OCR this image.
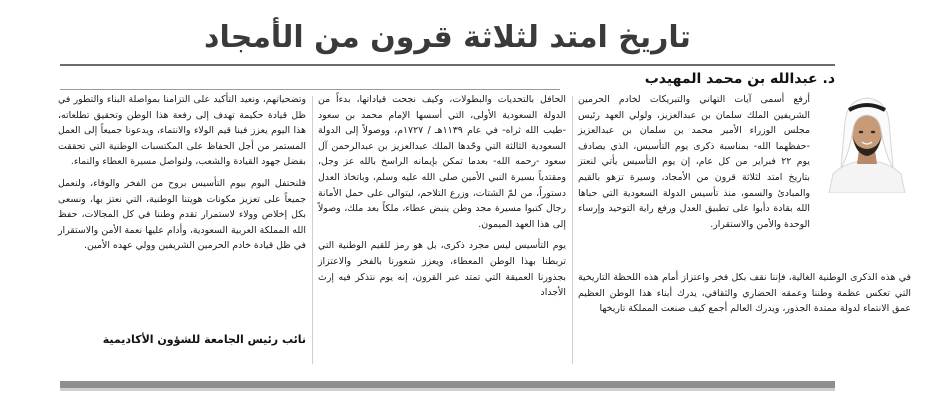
تاريخ امتد لثلاثة قرون من الأمجاد
د. عبدالله بن محمد المهيدب

أرفع أسمى آيات التهاني والتبريكات لخادم الحرمين الشريفين الملك سلمان بن عبدالعزيز، ولولي العهد رئيس مجلس الوزراء الأمير محمد بن سلمان بن عبدالعزيز -حفظهما الله- بمناسبة ذكرى يوم التأسيس، الذي يصادف يوم ٢٢ فبراير من كل عام، إن يوم التأسيس يأتي لنعتز بتاريخ امتد لثلاثة قرون من الأمجاد، وسيرة تزهو بالقيم والمبادئ والسمو، منذ تأسيس الدولة السعودية التي حباها الله بقادة دأبوا على تطبيق العدل ورفع راية التوحيد وإرساء الوحدة والأمن والاستقرار.

في هذه الذكرى الوطنية الغالية، فإننا نقف بكل فخر واعتزاز أمام هذه اللحظة التاريخية التي تعكس عظمة وطننا وعمقه الحضاري والثقافي، يدرك أبناء هذا الوطن العظيم عمق الانتماء لدولة ممتدة الجذور، ويدرك العالم أجمع كيف صنعت المملكة تاريخها

الحافل بالتحديات والبطولات، وكيف نجحت قياداتها، بدءاً من الدولة السعودية الأولى، التي أسسها الإمام محمد بن سعود -طيب الله ثراه- في عام ١١٣٩هـ / ١٧٢٧م، ووصولاً إلى الدولة السعودية الثالثة التي وحّدها الملك عبدالعزيز بن عبدالرحمن آل سعود -رحمه الله- بعدما تمكن بإيمانه الراسخ بالله عز وجل، ومقتدياً بسيرة النبي الأمين صلى الله عليه وسلم، وباتخاذ العدل دستوراً، من لمّ الشتات، وزرع التلاحم، ليتوالى على حمل الأمانة رجال كتبوا مسيرة مجد وطن ينبض عطاء، ملكاً بعد ملك، وصولاً إلى هذا العهد الميمون.

يوم التأسيس ليس مجرد ذكرى، بل هو رمز للقيم الوطنية التي تربطنا بهذا الوطن المعطاء، ويعزز شعورنا بالفخر والاعتزاز بجذورنا العميقة التي تمتد عبر القرون، إنه يوم نتذكر فيه إرث الأجداد

وتضحياتهم، ونعيد التأكيد على التزامنا بمواصلة البناء والتطور في ظل قيادة حكيمة تهدف إلى رفعة هذا الوطن وتحقيق تطلعاته، هذا اليوم يعزز فينا قيم الولاء والانتماء، ويدعونا جميعاً إلى العمل المستمر من أجل الحفاظ على المكتسبات الوطنية التي تحققت بفضل جهود القيادة والشعب، ولنواصل مسيرة العطاء والنماء.

فلنحتفل اليوم بيوم التأسيس بروح من الفخر والوفاء، ولنعمل جميعاً على تعزيز مكونات هويتنا الوطنية، التي نعتز بها، ونسعى بكل إخلاص وولاء لاستمرار تقدم وطننا في كل المجالات، حفظ الله المملكة العربية السعودية، وأدام عليها نعمة الأمن والاستقرار في ظل قيادة خادم الحرمين الشريفين وولي عهده الأمين.

نائب رئيس الجامعة للشؤون الأكاديمية
